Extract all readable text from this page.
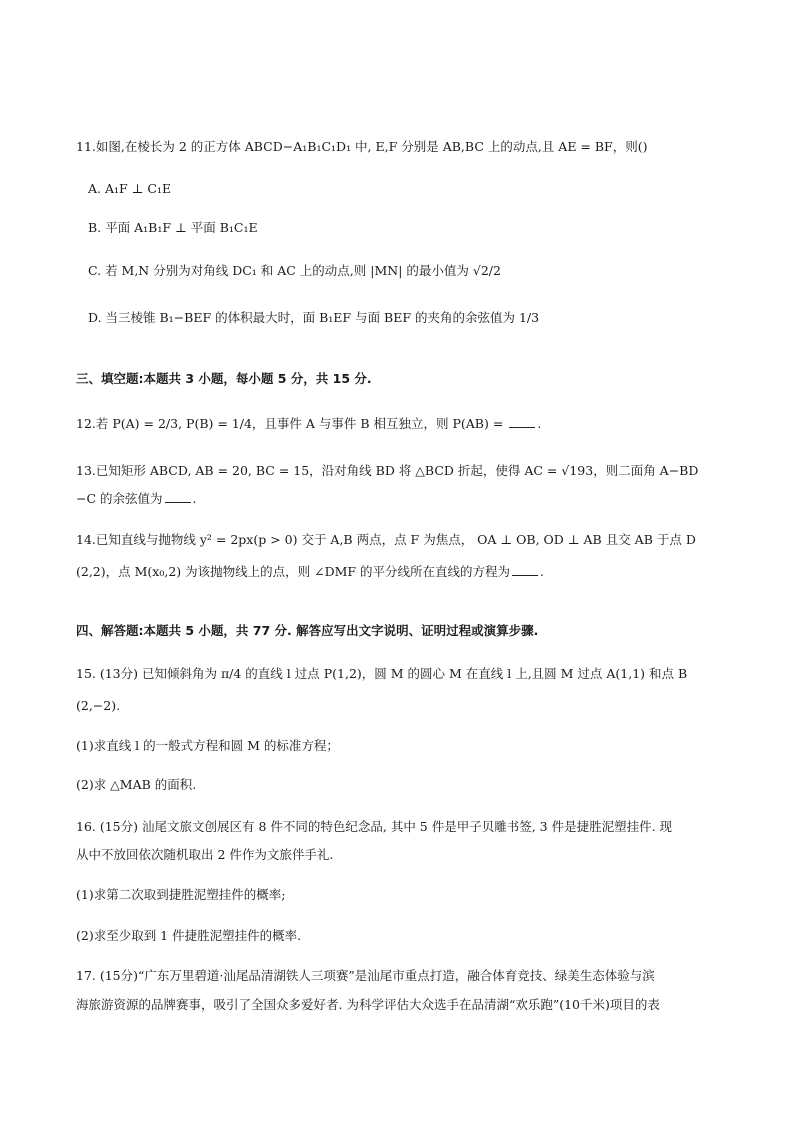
11.如图,在棱长为 2 的正方体 ABCD−A₁B₁C₁D₁ 中, E,F 分别是 AB,BC 上的动点,且 AE = BF，则()
A. A₁F ⊥ C₁E
B. 平面 A₁B₁F ⊥ 平面 B₁C₁E
C. 若 M,N 分别为对角线 DC₁ 和 AC 上的动点,则 |MN| 的最小值为 √2/2
D. 当三棱锥 B₁−BEF 的体积最大时，面 B₁EF 与面 BEF 的夹角的余弦值为 1/3
三、填空题:本题共 3 小题，每小题 5 分，共 15 分.
12.若 P(A) = 2/3, P(B) = 1/4，且事件 A 与事件 B 相互独立，则 P(AB) =	.
13.已知矩形 ABCD, AB = 20, BC = 15，沿对角线 BD 将 △BCD 折起，使得 AC = √193，则二面角 A−BD
−C 的余弦值为 .
14.已知直线与抛物线 y² = 2px(p > 0) 交于 A,B 两点，点 F 为焦点， OA ⊥ OB, OD ⊥ AB 且交 AB 于点 D
(2,2)，点 M(x₀,2) 为该抛物线上的点，则 ∠DMF 的平分线所在直线的方程为 .
四、解答题:本题共 5 小题，共 77 分. 解答应写出文字说明、证明过程或演算步骤.
15. (13分) 已知倾斜角为 π/4 的直线 l 过点 P(1,2)，圆 M 的圆心 M 在直线 l 上,且圆 M 过点 A(1,1) 和点 B
(2,−2).
(1)求直线 l 的一般式方程和圆 M 的标准方程；
(2)求 △MAB 的面积.
16. (15分) 汕尾文旅文创展区有 8 件不同的特色纪念品, 其中 5 件是甲子贝雕书签, 3 件是捷胜泥塑挂件. 现
从中不放回依次随机取出 2 件作为文旅伴手礼.
(1)求第二次取到捷胜泥塑挂件的概率;
(2)求至少取到 1 件捷胜泥塑挂件的概率.
17. (15分)“广东万里碧道·汕尾品清湖铁人三项赛”是汕尾市重点打造，融合体育竞技、绿美生态体验与滨
海旅游资源的品牌赛事，吸引了全国众多爱好者. 为科学评估大众选手在品清湖“欢乐跑”(10千米)项目的表
